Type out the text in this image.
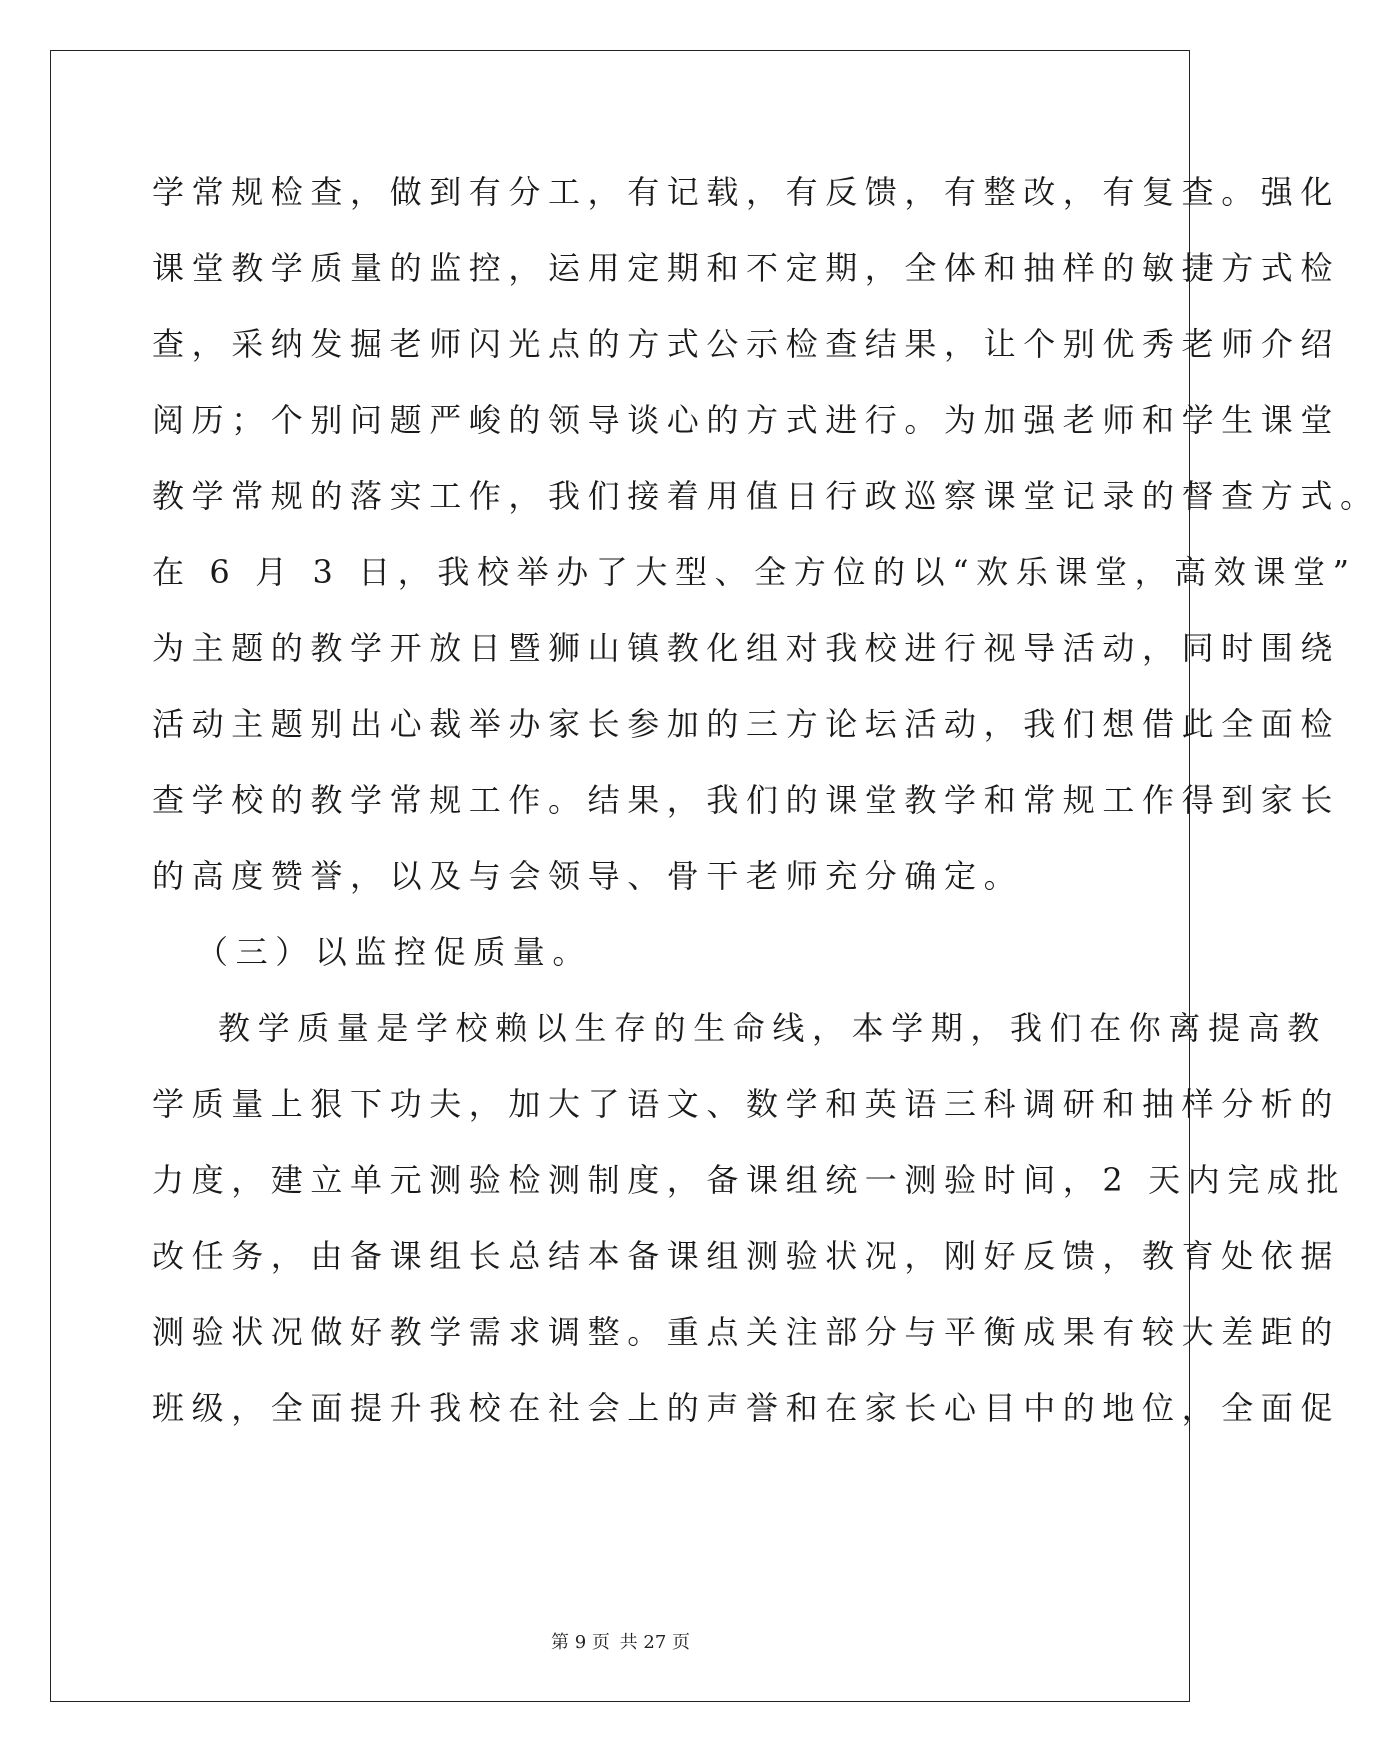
学常规检查，做到有分工，有记载，有反馈，有整改，有复查。强化
课堂教学质量的监控，运用定期和不定期，全体和抽样的敏捷方式检
查，采纳发掘老师闪光点的方式公示检查结果，让个别优秀老师介绍
阅历；个别问题严峻的领导谈心的方式进行。为加强老师和学生课堂
教学常规的落实工作，我们接着用值日行政巡察课堂记录的督查方式。
在 6 月 3 日，我校举办了大型、全方位的以“欢乐课堂，高效课堂”
为主题的教学开放日暨狮山镇教化组对我校进行视导活动，同时围绕
活动主题别出心裁举办家长参加的三方论坛活动，我们想借此全面检
查学校的教学常规工作。结果，我们的课堂教学和常规工作得到家长
的高度赞誉，以及与会领导、骨干老师充分确定。
（三）以监控促质量。
教学质量是学校赖以生存的生命线，本学期，我们在你离提高教
学质量上狠下功夫，加大了语文、数学和英语三科调研和抽样分析的
力度，建立单元测验检测制度，备课组统一测验时间，2 天内完成批
改任务，由备课组长总结本备课组测验状况，刚好反馈，教育处依据
测验状况做好教学需求调整。重点关注部分与平衡成果有较大差距的
班级，全面提升我校在社会上的声誉和在家长心目中的地位，全面促
第 9 页 共 27 页
